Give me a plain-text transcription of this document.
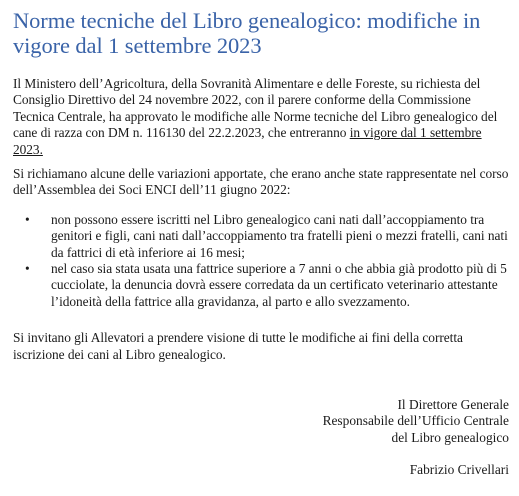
Norme tecniche del Libro genealogico: modifiche in vigore dal 1 settembre 2023

Il Ministero dell’Agricoltura, della Sovranità Alimentare e delle Foreste, su richiesta del Consiglio Direttivo del 24 novembre 2022, con il parere conforme della Commissione Tecnica Centrale, ha approvato le modifiche alle Norme tecniche del Libro genealogico del cane di razza con DM n. 116130 del 22.2.2023, che entreranno in vigore dal 1 settembre 2023.

Si richiamano alcune delle variazioni apportate, che erano anche state rappresentate nel corso dell’Assemblea dei Soci ENCI dell’11 giugno 2022:

• non possono essere iscritti nel Libro genealogico cani nati dall’accoppiamento tra genitori e figli, cani nati dall’accoppiamento tra fratelli pieni o mezzi fratelli, cani nati da fattrici di età inferiore ai 16 mesi;
• nel caso sia stata usata una fattrice superiore a 7 anni o che abbia già prodotto più di 5 cucciolate, la denuncia dovrà essere corredata da un certificato veterinario attestante l’idoneità della fattrice alla gravidanza, al parto e allo svezzamento.

Si invitano gli Allevatori a prendere visione di tutte le modifiche ai fini della corretta iscrizione dei cani al Libro genealogico.

Il Direttore Generale
Responsabile dell’Ufficio Centrale
del Libro genealogico
Fabrizio Crivellari
